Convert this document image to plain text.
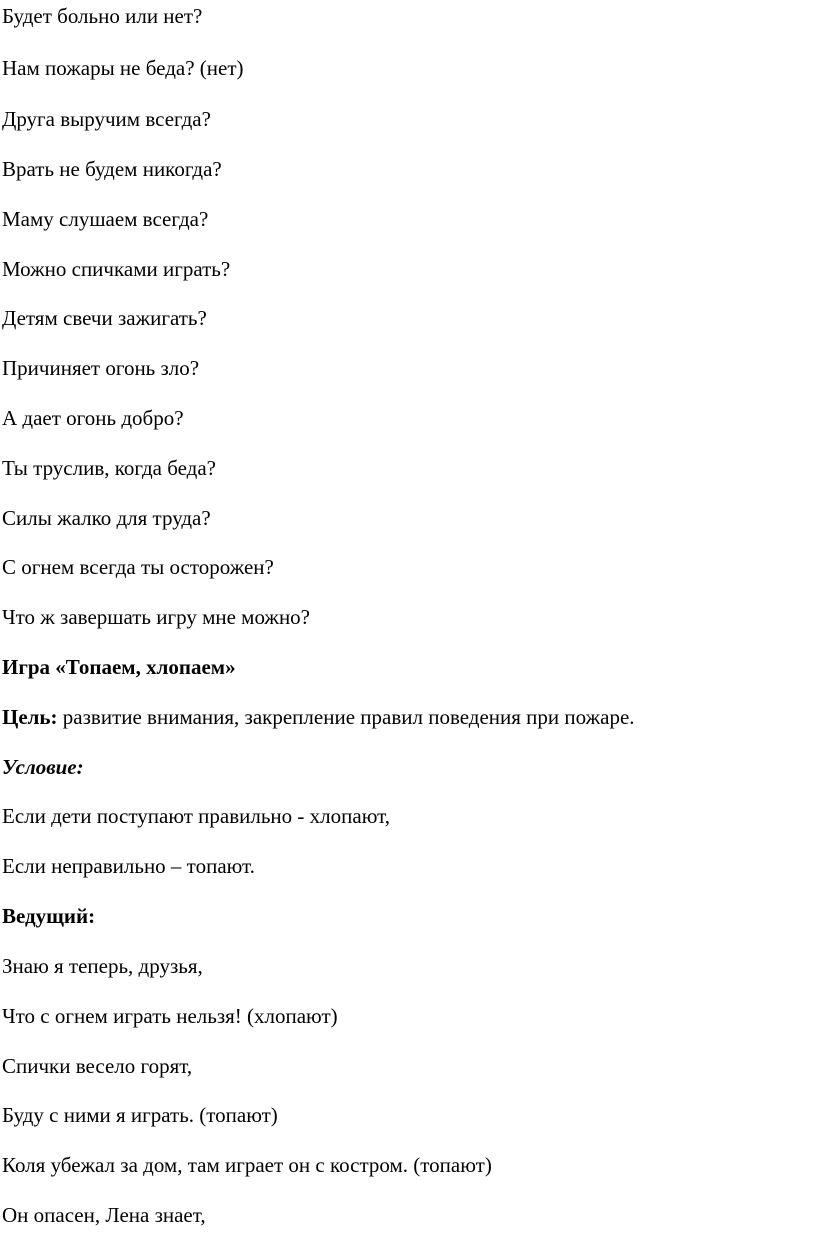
Будет больно или нет?
Нам пожары не беда? (нет)
Друга выручим всегда?
Врать не будем никогда?
Маму слушаем всегда?
Можно спичками играть?
Детям свечи зажигать?
Причиняет огонь зло?
А дает огонь добро?
Ты труслив, когда беда?
Силы жалко для труда?
С огнем всегда ты осторожен?
Что ж завершать игру мне можно?
Игра «Топаем, хлопаем»
Цель: развитие внимания, закрепление правил поведения при пожаре.
Условие:
Если дети поступают правильно - хлопают,
Если неправильно – топают.
Ведущий:
Знаю я теперь, друзья,
Что с огнем играть нельзя! (хлопают)
Спички весело горят,
Буду с ними я играть. (топают)
Коля убежал за дом, там играет он с костром. (топают)
Он опасен, Лена знает,
